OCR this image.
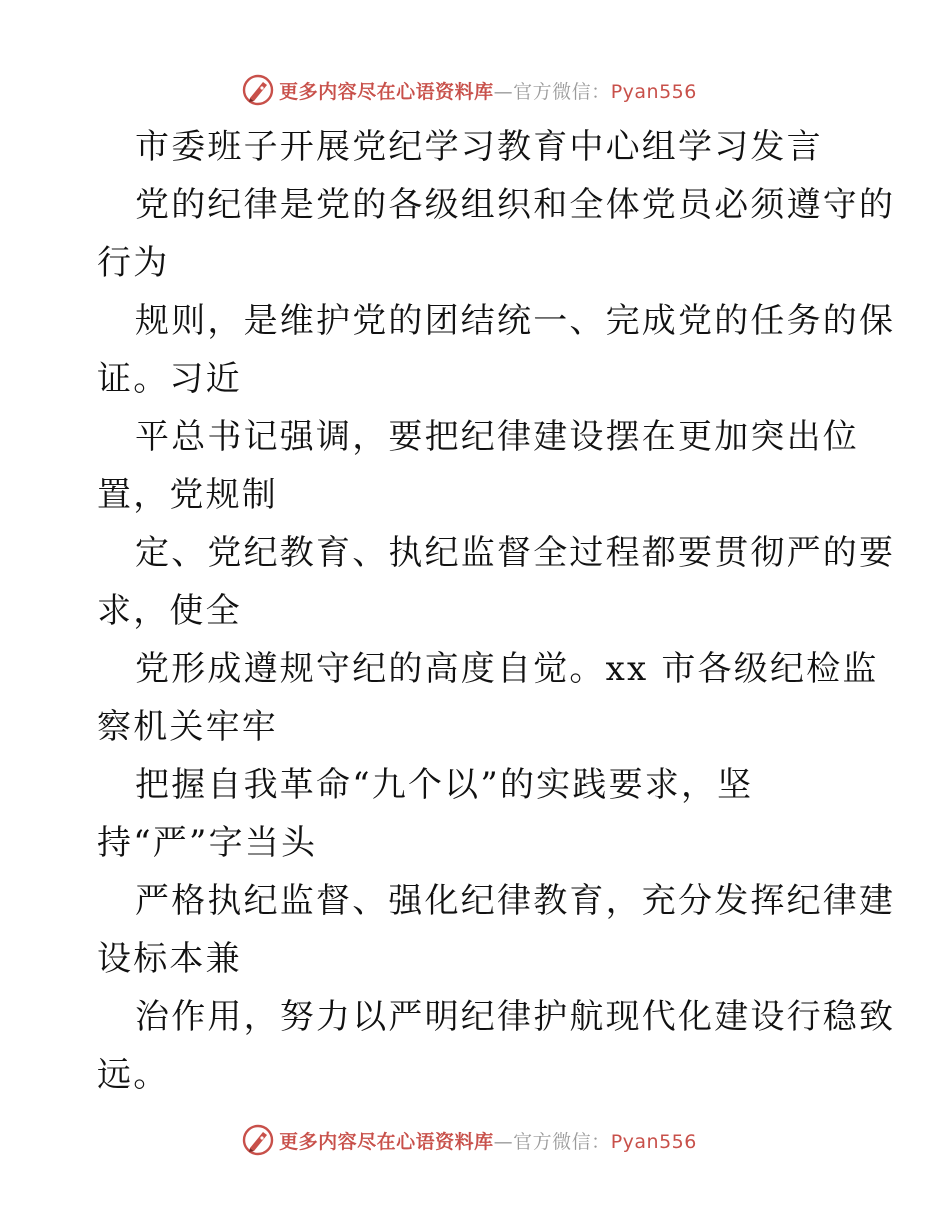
更多内容尽在心语资料库—官方微信：Pyan556
市委班子开展党纪学习教育中心组学习发言
党的纪律是党的各级组织和全体党员必须遵守的
行为
规则，是维护党的团结统一、完成党的任务的保
证。习近
平总书记强调，要把纪律建设摆在更加突出位
置，党规制
定、党纪教育、执纪监督全过程都要贯彻严的要
求，使全
党形成遵规守纪的高度自觉。xx 市各级纪检监
察机关牢牢
把握自我革命“九个以”的实践要求，坚
持“严”字当头
严格执纪监督、强化纪律教育，充分发挥纪律建
设标本兼
治作用，努力以严明纪律护航现代化建设行稳致
远。
更多内容尽在心语资料库—官方微信：Pyan556
